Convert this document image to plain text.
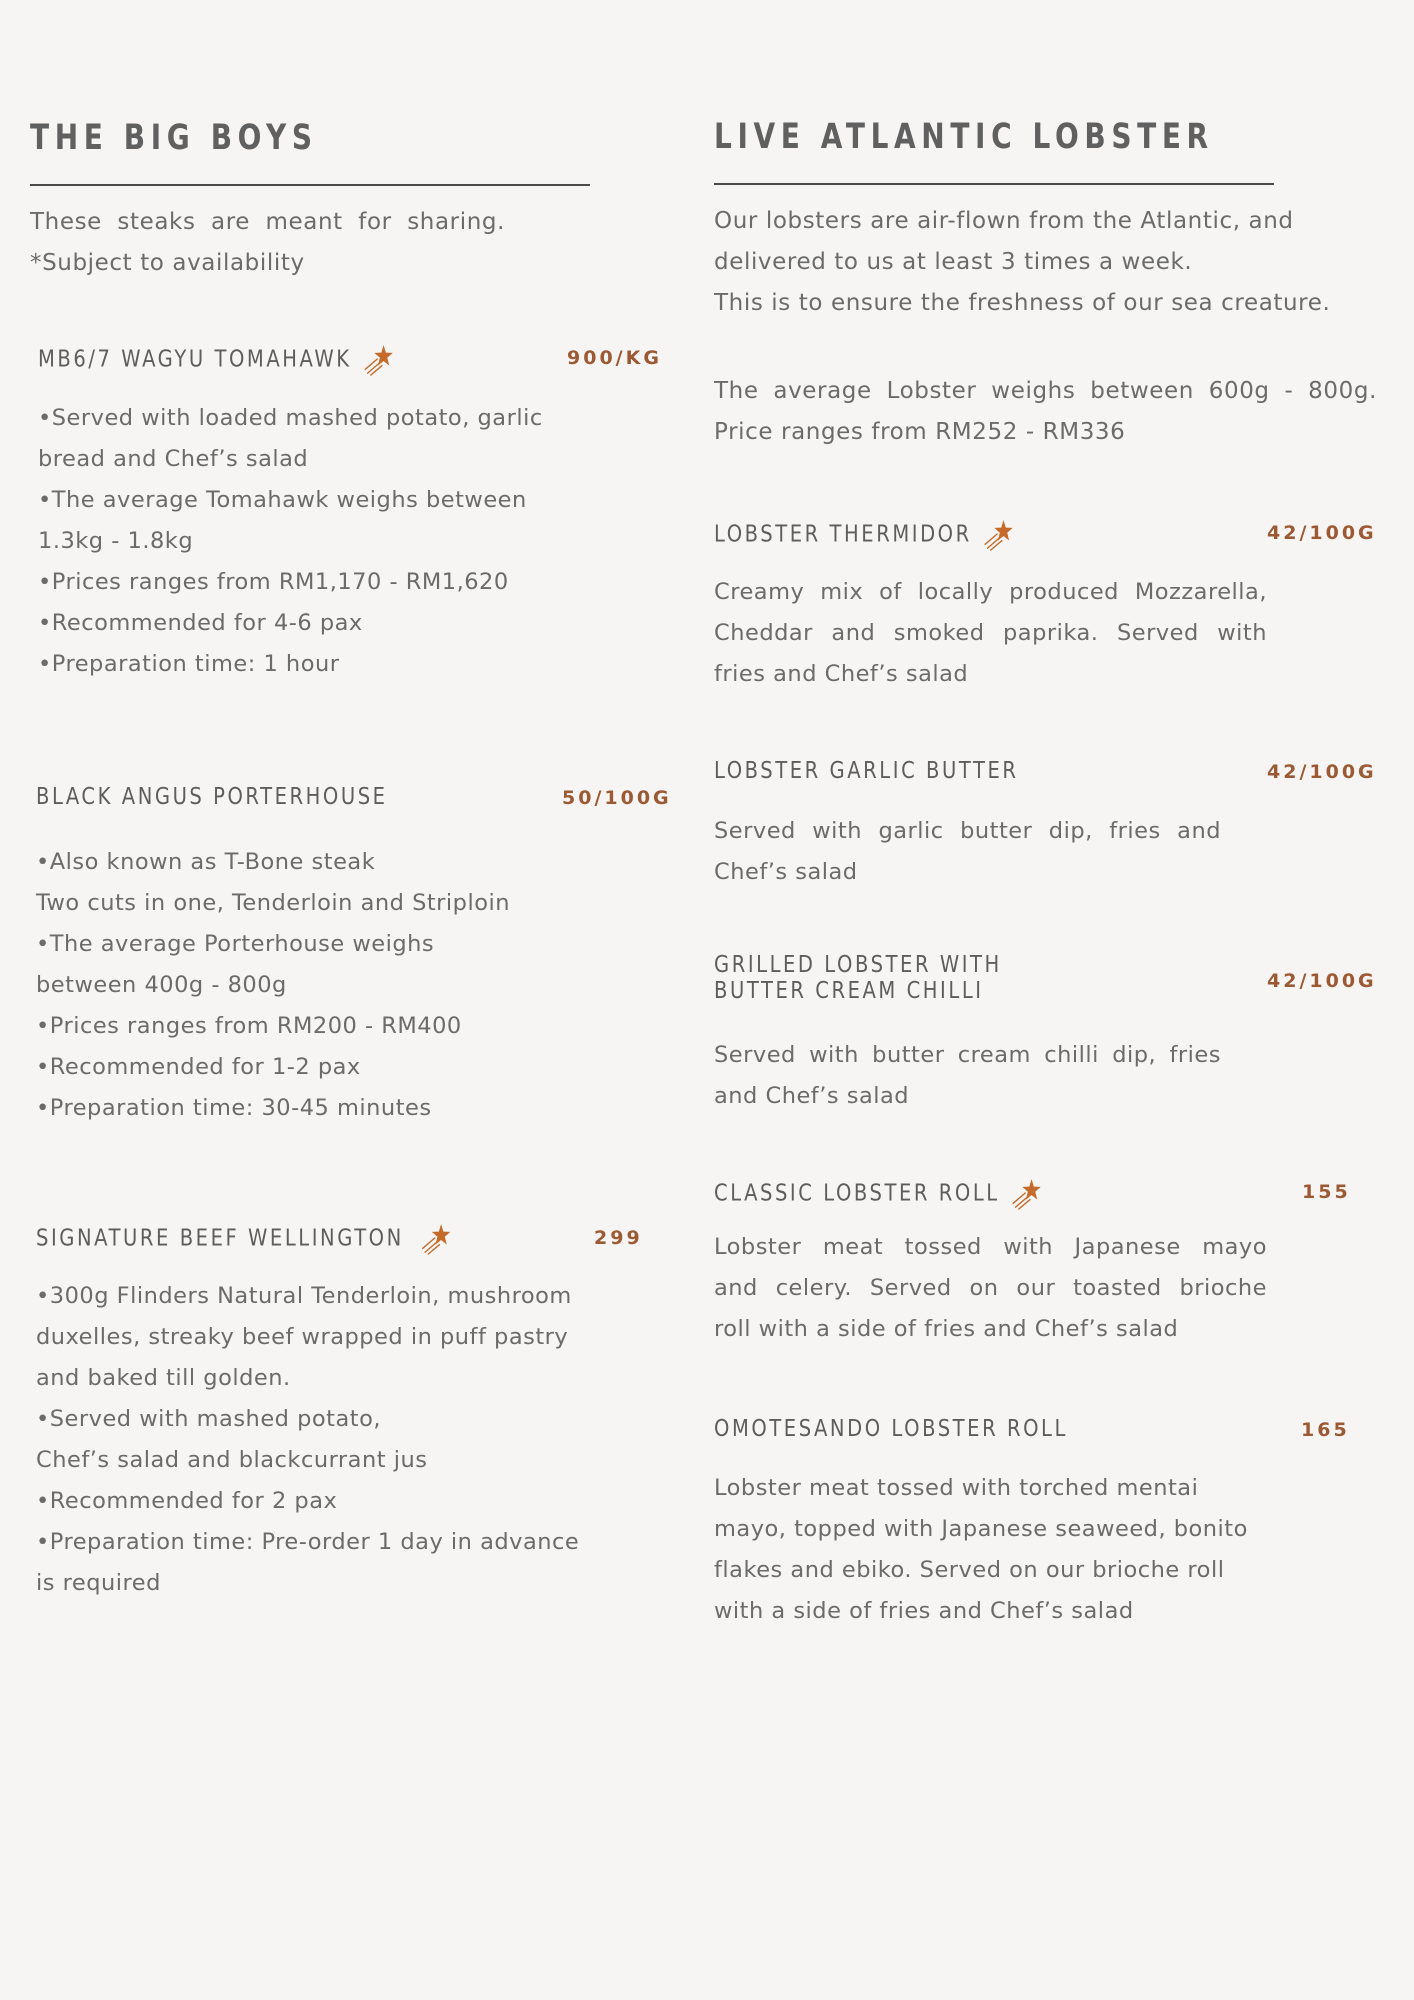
THE BIG BOYS
These steaks are meant for sharing.
*Subject to availability
MB6/7 WAGYU TOMAHAWK	900/KG
•Served with loaded mashed potato, garlic
bread and Chef’s salad
•The average Tomahawk weighs between
1.3kg - 1.8kg
•Prices ranges from RM1,170 - RM1,620
•Recommended for 4-6 pax
•Preparation time: 1 hour
BLACK ANGUS PORTERHOUSE	50/100G
•Also known as T-Bone steak
Two cuts in one, Tenderloin and Striploin
•The average Porterhouse weighs
between 400g - 800g
•Prices ranges from RM200 - RM400
•Recommended for 1-2 pax
•Preparation time: 30-45 minutes
SIGNATURE BEEF WELLINGTON	299
•300g Flinders Natural Tenderloin, mushroom
duxelles, streaky beef wrapped in puff pastry
and baked till golden.
•Served with mashed potato,
Chef’s salad and blackcurrant jus
•Recommended for 2 pax
•Preparation time: Pre-order 1 day in advance
is required
LIVE ATLANTIC LOBSTER
Our lobsters are air-flown from the Atlantic, and
delivered to us at least 3 times a week.
This is to ensure the freshness of our sea creature.
The average Lobster weighs between 600g - 800g.
Price ranges from RM252 - RM336
LOBSTER THERMIDOR	42/100G
Creamy mix of locally produced Mozzarella,
Cheddar and smoked paprika. Served with
fries and Chef’s salad
LOBSTER GARLIC BUTTER	42/100G
Served with garlic butter dip, fries and
Chef’s salad
GRILLED LOBSTER WITH
BUTTER CREAM CHILLI	42/100G
Served with butter cream chilli dip, fries
and Chef’s salad
CLASSIC LOBSTER ROLL	155
Lobster meat tossed with Japanese mayo
and celery. Served on our toasted brioche
roll with a side of fries and Chef’s salad
OMOTESANDO LOBSTER ROLL	165
Lobster meat tossed with torched mentai
mayo, topped with Japanese seaweed, bonito
flakes and ebiko. Served on our brioche roll
with a side of fries and Chef’s salad
